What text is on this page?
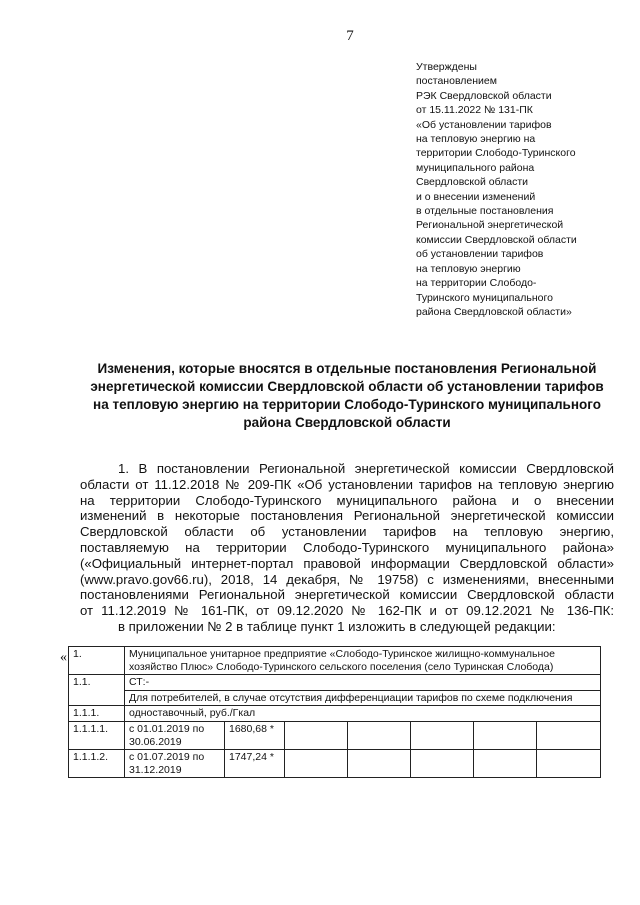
7
Утверждены
постановлением
РЭК Свердловской области
от 15.11.2022 № 131-ПК
«Об установлении тарифов
на тепловую энергию на
территории Слободо-Туринского
муниципального района
Свердловской области
и о внесении изменений
в отдельные постановления
Региональной энергетической
комиссии Свердловской области
об установлении тарифов
на тепловую энергию
на территории Слободо-
Туринского муниципального
района Свердловской области»
Изменения, которые вносятся в отдельные постановления Региональной
энергетической комиссии Свердловской области об установлении тарифов
на тепловую энергию на территории Слободо-Туринского муниципального
района Свердловской области
1. В постановлении Региональной энергетической комиссии Свердловской
области от 11.12.2018 № 209-ПК «Об установлении тарифов на тепловую энергию
на территории Слободо-Туринского муниципального района и о внесении
изменений в некоторые постановления Региональной энергетической комиссии
Свердловской области об установлении тарифов на тепловую энергию,
поставляемую на территории Слободо-Туринского муниципального района»
(«Официальный интернет-портал правовой информации Свердловской области»
(www.pravo.gov66.ru), 2018, 14 декабря, № 19758) с изменениями, внесенными
постановлениями Региональной энергетической комиссии Свердловской области
от 11.12.2019 № 161-ПК, от 09.12.2020 № 162-ПК и от 09.12.2021 № 136-ПК:
в приложении № 2 в таблице пункт 1 изложить в следующей редакции:
« 1.	Муниципальное унитарное предприятие «Слободо-Туринское жилищно-коммунальное хозяйство Плюс» Слободо-Туринского сельского поселения (село Туринская Слобода)						
1.1.	СТ:-						
	Для потребителей, в случае отсутствия дифференциации тарифов по схеме подключения						
1.1.1.	одноставочный, руб./Гкал						
1.1.1.1.	с 01.01.2019 по 30.06.2019	1680,68 *					
1.1.1.2.	с 01.07.2019 по 31.12.2019	1747,24 *					
